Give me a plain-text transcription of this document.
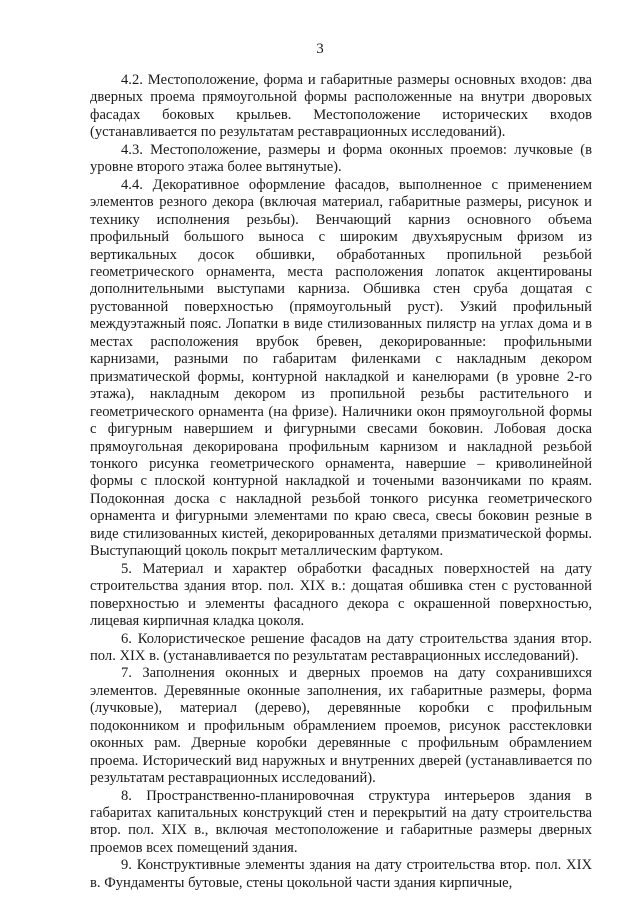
3

4.2. Местоположение, форма и габаритные размеры основных входов: два дверных проема прямоугольной формы расположенные на внутри дворовых фасадах боковых крыльев. Местоположение исторических входов (устанавливается по результатам реставрационных исследований).

4.3. Местоположение, размеры и форма оконных проемов: лучковые (в уровне второго этажа более вытянутые).

4.4. Декоративное оформление фасадов, выполненное с применением элементов резного декора (включая материал, габаритные размеры, рисунок и технику исполнения резьбы). Венчающий карниз основного объема профильный большого выноса с широким двухъярусным фризом из вертикальных досок обшивки, обработанных пропильной резьбой геометрического орнамента, места расположения лопаток акцентированы дополнительными выступами карниза. Обшивка стен сруба дощатая с рустованной поверхностью (прямоугольный руст). Узкий профильный междуэтажный пояс. Лопатки в виде стилизованных пилястр на углах дома и в местах расположения врубок бревен, декорированные: профильными карнизами, разными по габаритам филенками с накладным декором призматической формы, контурной накладкой и канелюрами (в уровне 2-го этажа), накладным декором из пропильной резьбы растительного и геометрического орнамента (на фризе). Наличники окон прямоугольной формы с фигурным навершием и фигурными свесами боковин. Лобовая доска прямоугольная декорирована профильным карнизом и накладной резьбой тонкого рисунка геометрического орнамента, навершие – криволинейной формы с плоской контурной накладкой и точеными вазончиками по краям. Подоконная доска с накладной резьбой тонкого рисунка геометрического орнамента и фигурными элементами по краю свеса, свесы боковин резные в виде стилизованных кистей, декорированных деталями призматической формы. Выступающий цоколь покрыт металлическим фартуком.

5. Материал и характер обработки фасадных поверхностей на дату строительства здания втор. пол. XIX в.: дощатая обшивка стен с рустованной поверхностью и элементы фасадного декора с окрашенной поверхностью, лицевая кирпичная кладка цоколя.

6. Колористическое решение фасадов на дату строительства здания втор. пол. XIX в. (устанавливается по результатам реставрационных исследований).

7. Заполнения оконных и дверных проемов на дату сохранившихся элементов. Деревянные оконные заполнения, их габаритные размеры, форма (лучковые), материал (дерево), деревянные коробки с профильным подоконником и профильным обрамлением проемов, рисунок расстекловки оконных рам. Дверные коробки деревянные с профильным обрамлением проема. Исторический вид наружных и внутренних дверей (устанавливается по результатам реставрационных исследований).

8. Пространственно-планировочная структура интерьеров здания в габаритах капитальных конструкций стен и перекрытий на дату строительства втор. пол. XIX в., включая местоположение и габаритные размеры дверных проемов всех помещений здания.

9. Конструктивные элементы здания на дату строительства втор. пол. XIX в. Фундаменты бутовые, стены цокольной части здания кирпичные,
